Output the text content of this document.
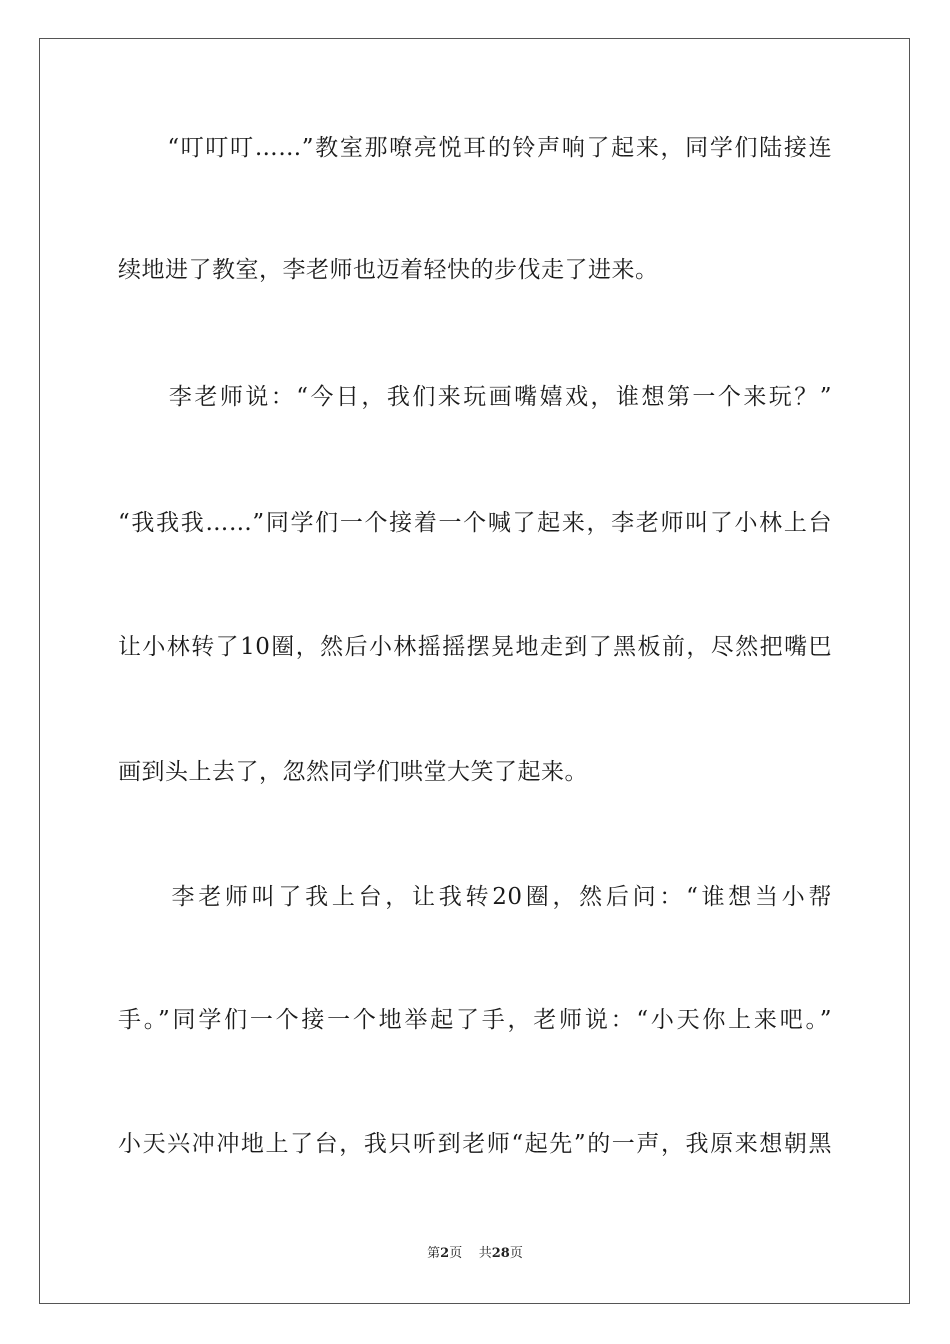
　　“叮叮叮……”教室那嘹亮悦耳的铃声响了起来，同学们陆接连
续地进了教室，李老师也迈着轻快的步伐走了进来。
　　李老师说：“今日，我们来玩画嘴嬉戏，谁想第一个来玩？”
“我我我……”同学们一个接着一个喊了起来，李老师叫了小林上台
让小林转了10圈，然后小林摇摇摆晃地走到了黑板前，尽然把嘴巴
画到头上去了，忽然同学们哄堂大笑了起来。
　　李老师叫了我上台，让我转20圈，然后问：“谁想当小帮
手。”同学们一个接一个地举起了手，老师说：“小天你上来吧。”
小天兴冲冲地上了台，我只听到老师“起先”的一声，我原来想朝黑
第2页 共28页
